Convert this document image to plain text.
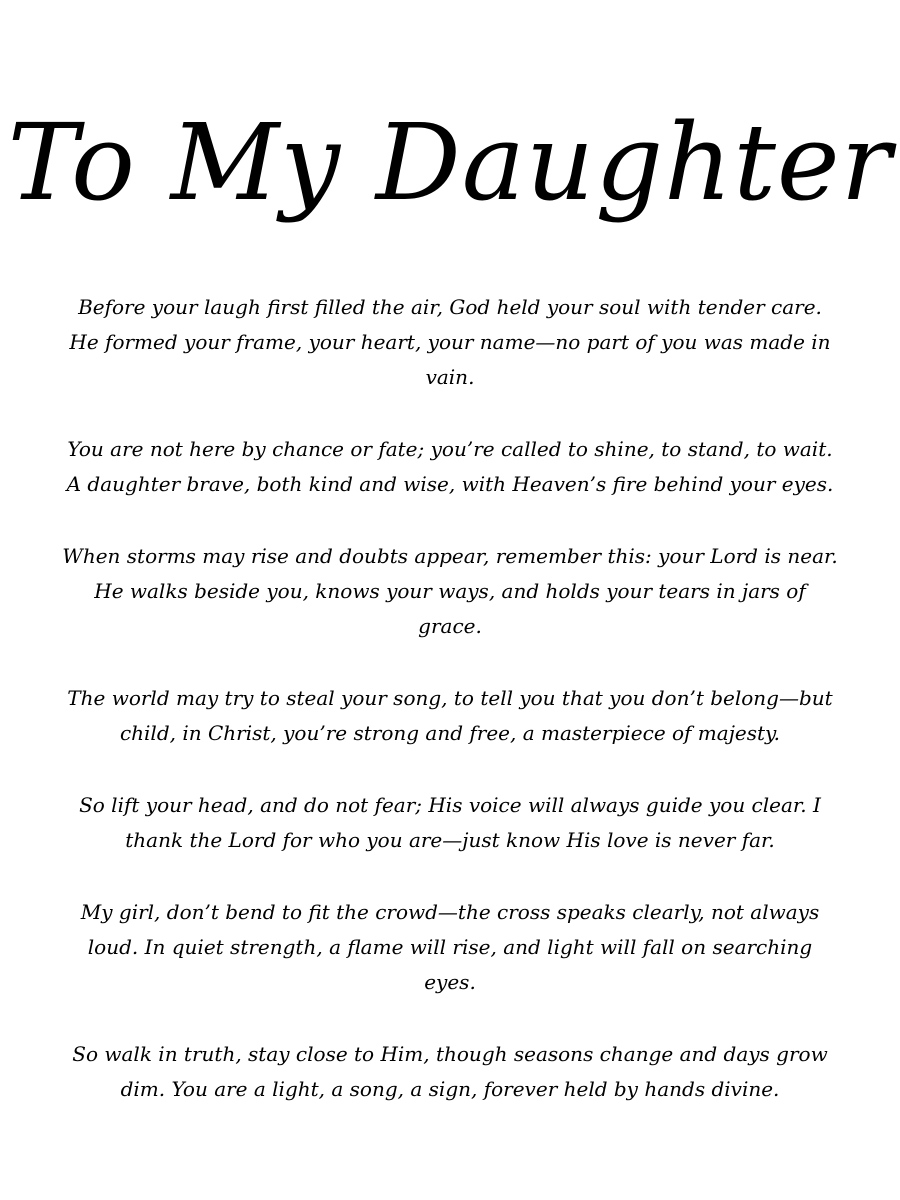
To My Daughter

Before your laugh first filled the air, God held your soul with tender care. He formed your frame, your heart, your name—no part of you was made in vain.

You are not here by chance or fate; you’re called to shine, to stand, to wait. A daughter brave, both kind and wise, with Heaven’s fire behind your eyes.

When storms may rise and doubts appear, remember this: your Lord is near. He walks beside you, knows your ways, and holds your tears in jars of grace.

The world may try to steal your song, to tell you that you don’t belong—but child, in Christ, you’re strong and free, a masterpiece of majesty.

So lift your head, and do not fear; His voice will always guide you clear. I thank the Lord for who you are—just know His love is never far.

My girl, don’t bend to fit the crowd—the cross speaks clearly, not always loud. In quiet strength, a flame will rise, and light will fall on searching eyes.

So walk in truth, stay close to Him, though seasons change and days grow dim. You are a light, a song, a sign, forever held by hands divine.
